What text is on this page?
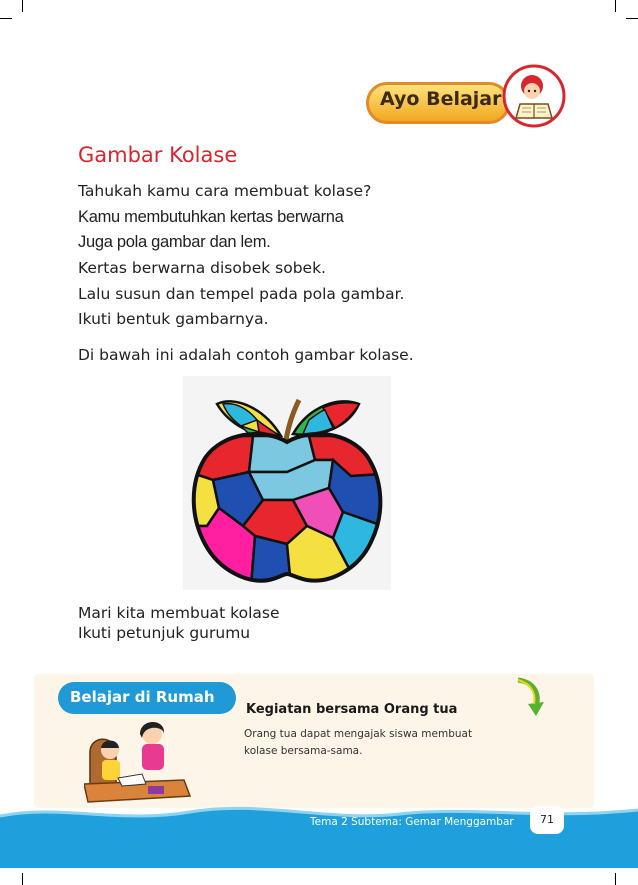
Ayo Belajar
Gambar Kolase
Tahukah kamu cara membuat kolase?
Kamu membutuhkan kertas berwarna
Juga pola gambar dan lem.
Kertas berwarna disobek sobek.
Lalu susun dan tempel pada pola gambar.
Ikuti bentuk gambarnya.
Di bawah ini adalah contoh gambar kolase.
Mari kita membuat kolase
Ikuti petunjuk gurumu
Belajar di Rumah
Kegiatan bersama Orang tua
Orang tua dapat mengajak siswa membuat
kolase bersama-sama.
Tema 2 Subtema: Gemar Menggambar	71
